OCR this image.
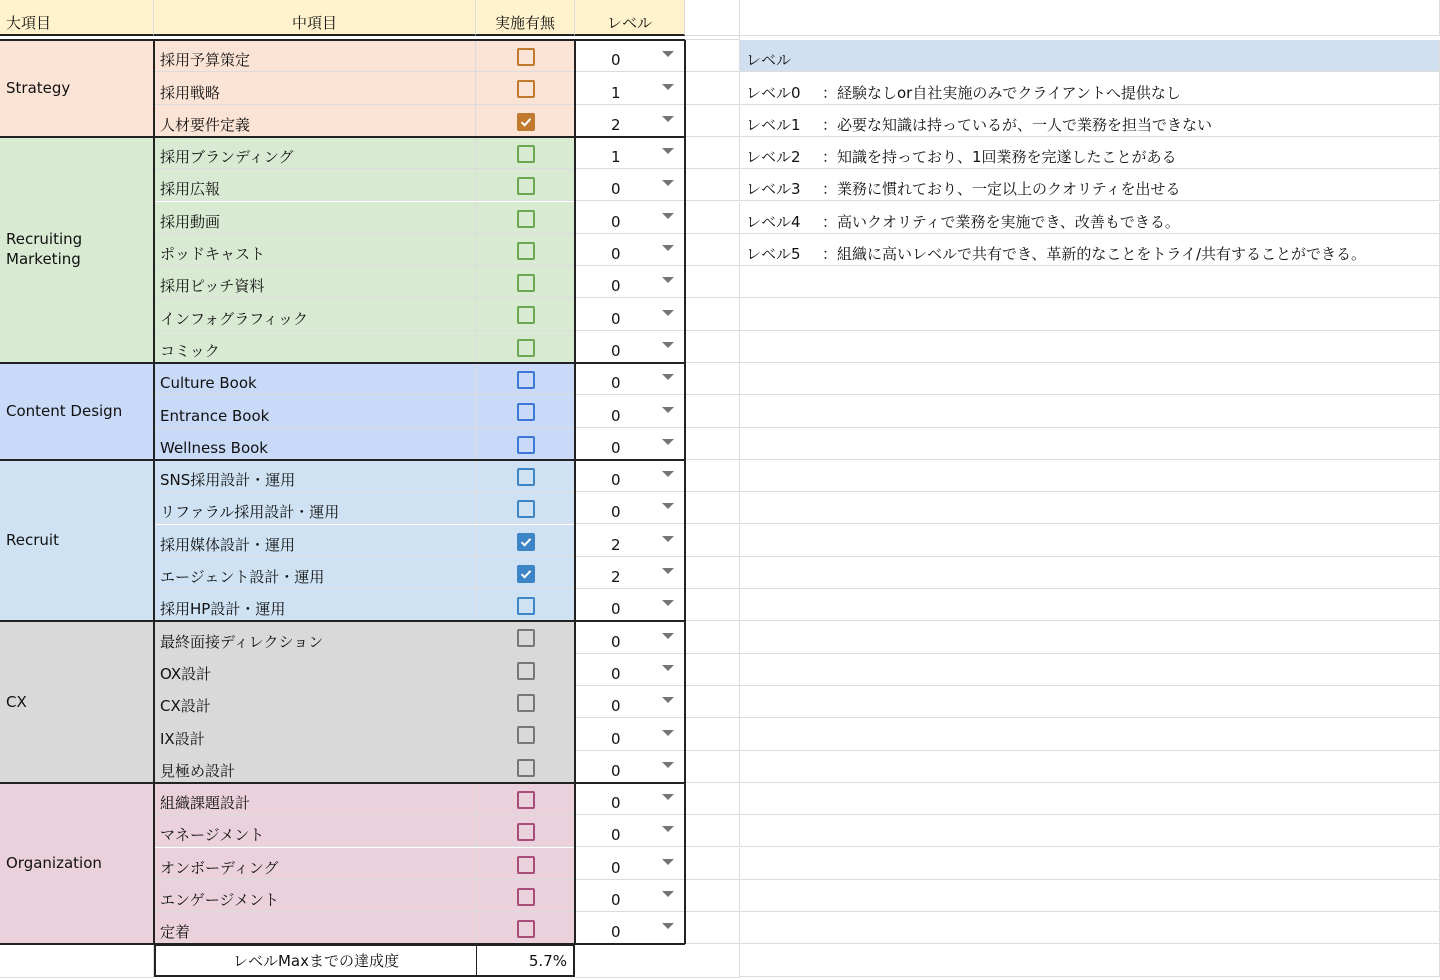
大項目	中項目	実施有無	レベル
Strategy
採用予算策定	0
採用戦略	1
人材要件定義	2
Recruiting Marketing
採用ブランディング	1
採用広報	0
採用動画	0
ポッドキャスト	0
採用ピッチ資料	0
インフォグラフィック	0
コミック	0
Content Design
Culture Book	0
Entrance Book	0
Wellness Book	0
Recruit
SNS採用設計・運用	0
リファラル採用設計・運用	0
採用媒体設計・運用	2
エージェント設計・運用	2
採用HP設計・運用	0
CX
最終面接ディレクション	0
OX設計	0
CX設計	0
IX設計	0
見極め設計	0
Organization
組織課題設計	0
マネージメント	0
オンボーディング	0
エンゲージメント	0
定着	0
レベル
レベル0 ：経験なしor自社実施のみでクライアントへ提供なし
レベル1 ：必要な知識は持っているが、一人で業務を担当できない
レベル2 ：知識を持っており、1回業務を完遂したことがある
レベル3 ：業務に慣れており、一定以上のクオリティを出せる
レベル4 ：高いクオリティで業務を実施でき、改善もできる。
レベル5 ：組織に高いレベルで共有でき、革新的なことをトライ/共有することができる。
レベルMaxまでの達成度	5.7%
